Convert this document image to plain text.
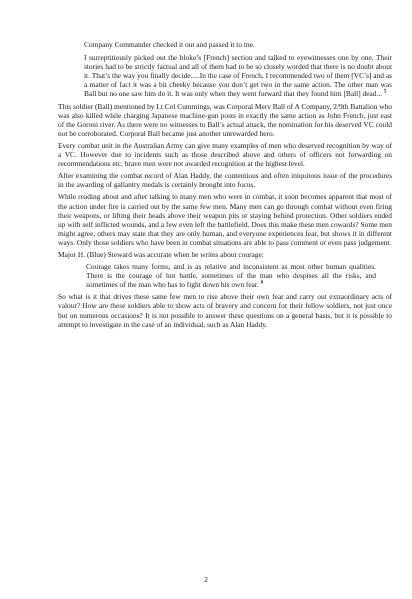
Company Commander checked it out and passed it to me.

I surreptitiously picked out the bloke’s [French] section and talked to eyewitnesses one by one. Their stories had to be strictly factual and all of them had to be so closely worded that there is no doubt about it. That’s the way you finally decide.....In the case of French, I recommended two of them [VC’s] and as a matter of fact it was a bit cheeky because you don’t get two in the same action. The other man was Ball but no one saw him do it. It was only when they went forward that they found him [Ball] dead... $^5$

This soldier (Ball) mentioned by Lt Col Cummings, was Corporal Merv Ball of A Company, 2/9th Battalion who was also killed while charging Japanese machine-gun posts in exactly the same action as John French, just east of the Goroni river. As there were no witnesses to Ball’s actual attack, the nomination for his deserved VC could not be corroborated. Corporal Ball became just another unrewarded hero.

Every combat unit in the Australian Army can give many examples of men who deserved recognition by way of a VC. However due to incidents such as those described above and others of officers not forwarding on recommendations etc, brave men were not awarded recognition at the highest level.

After examining the combat record of Alan Haddy, the contentious and often iniquitous issue of the procedures in the awarding of gallantry medals is certainly brought into focus.

While reading about and after talking to many men who were in combat, it soon becomes apparent that most of the action under fire is carried out by the same few men. Many men can go through combat without even firing their weapons, or lifting their heads above their weapon pits or staying behind protection. Other soldiers ended up with self inflicted wounds, and a few even left the battlefield. Does this make these men cowards? Some men might agree, others may state that they are only human, and everyone experiences fear, but shows it in different ways. Only those soldiers who have been in combat situations are able to pass comment or even pass judgement.

Major H. (Blue) Steward was accurate when he writes about courage:

Courage takes many forms, and is as relative and inconsistent as most other human qualities. There is the courage of hot battle, sometimes of the man who despises all the risks, and sometimes of the man who has to fight down his own fear. $^6$

So what is it that drives these same few men to rise above their own fear and carry out extraordinary acts of valour? How are these soldiers able to show acts of bravery and concern for their fellow soldiers, not just once but on numerous occasions? It is not possible to answer these questions on a general basis, but it is possible to attempt to investigate in the case of an individual, such as Alan Haddy.

2
